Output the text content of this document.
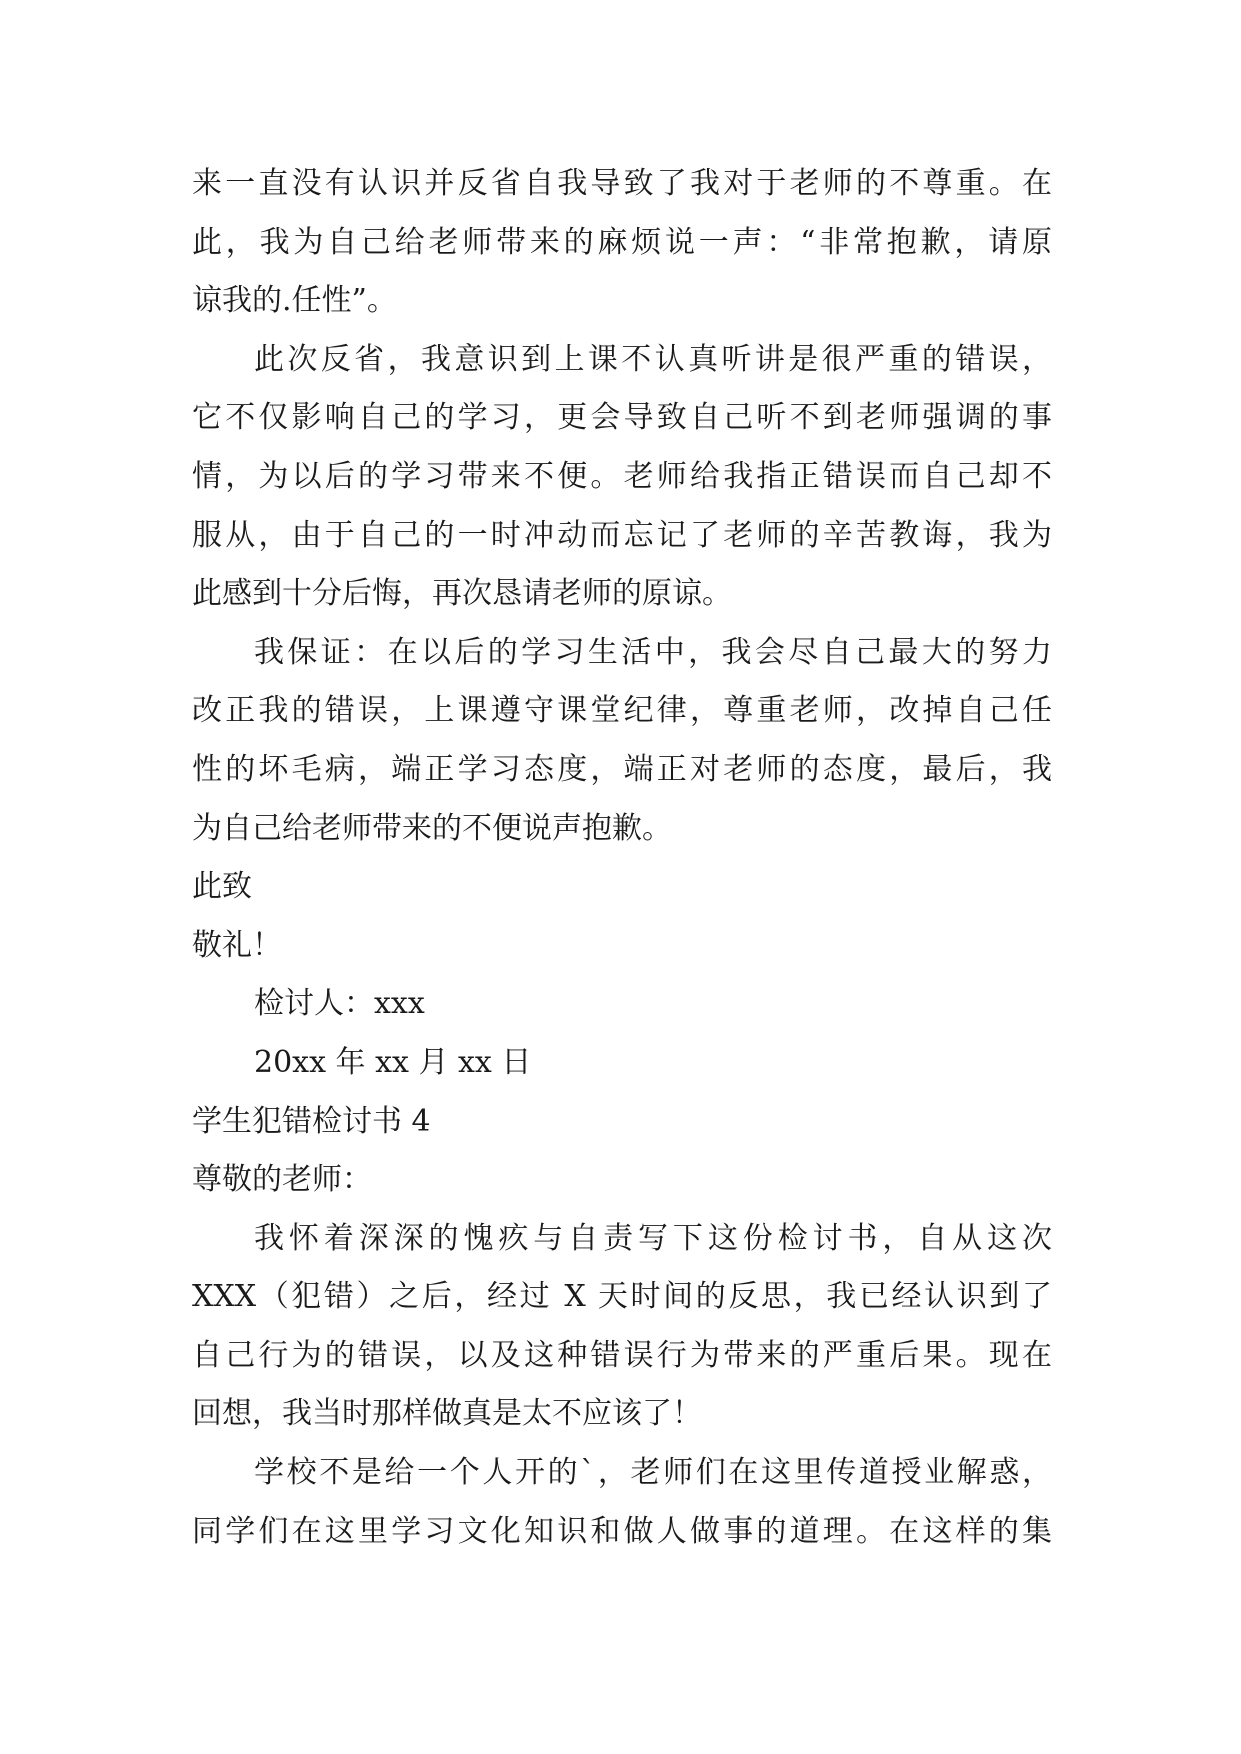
来一直没有认识并反省自我导致了我对于老师的不尊重。在
此，我为自己给老师带来的麻烦说一声：“非常抱歉，请原
谅我的.任性”。
此次反省，我意识到上课不认真听讲是很严重的错误，
它不仅影响自己的学习，更会导致自己听不到老师强调的事
情，为以后的学习带来不便。老师给我指正错误而自己却不
服从，由于自己的一时冲动而忘记了老师的辛苦教诲，我为
此感到十分后悔，再次恳请老师的原谅。
我保证：在以后的学习生活中，我会尽自己最大的努力
改正我的错误，上课遵守课堂纪律，尊重老师，改掉自己任
性的坏毛病，端正学习态度，端正对老师的态度，最后，我
为自己给老师带来的不便说声抱歉。
此致
敬礼！
检讨人：xxx
20xx 年 xx 月 xx 日
学生犯错检讨书 4
尊敬的老师：
我怀着深深的愧疚与自责写下这份检讨书，自从这次
XXX（犯错）之后，经过 X 天时间的反思，我已经认识到了
自己行为的错误，以及这种错误行为带来的严重后果。现在
回想，我当时那样做真是太不应该了！
学校不是给一个人开的`，老师们在这里传道授业解惑，
同学们在这里学习文化知识和做人做事的道理。在这样的集
